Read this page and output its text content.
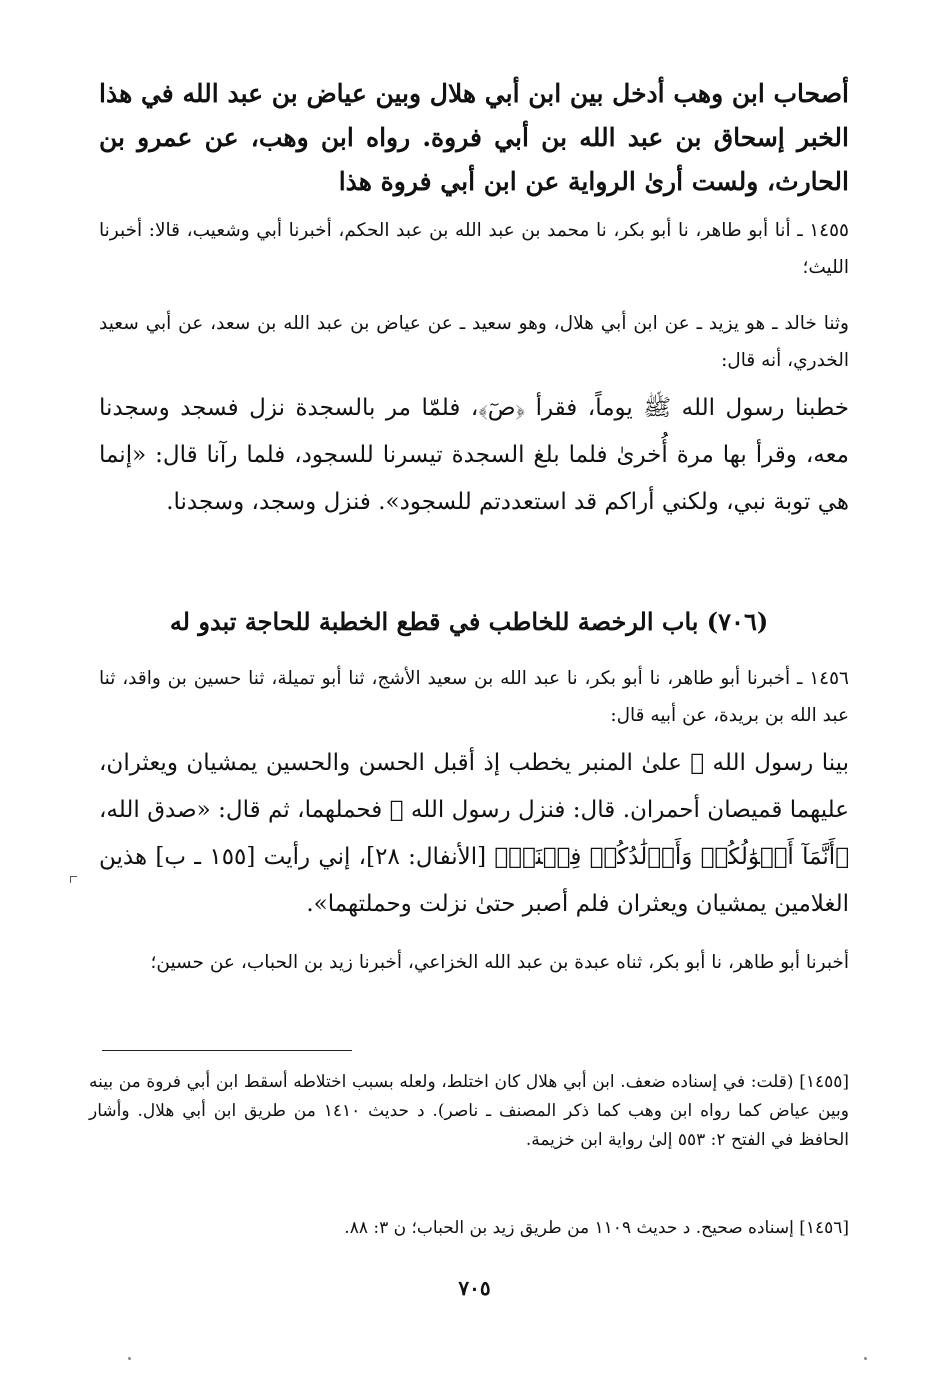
أصحاب ابن وهب أدخل بين ابن أبي هلال وبين عياض بن عبد الله في هذا الخبر إسحاق بن عبد الله بن أبي فروة. رواه ابن وهب، عن عمرو بن الحارث، ولست أرىٰ الرواية عن ابن أبي فروة هذا

١٤٥٥ ـ أنا أبو طاهر، نا أبو بكر، نا محمد بن عبد الله بن عبد الحكم، أخبرنا أبي وشعيب، قالا: أخبرنا الليث؛

وثنا خالد ـ هو يزيد ـ عن ابن أبي هلال، وهو سعيد ـ عن عياض بن عبد الله بن سعد، عن أبي سعيد الخدري، أنه قال:

خطبنا رسول الله ﷺ يوماً، فقرأ ﴿صٓ﴾، فلمّا مر بالسجدة نزل فسجد وسجدنا معه، وقرأ بها مرة أُخرىٰ فلما بلغ السجدة تيسرنا للسجود، فلما رآنا قال: «إنما هي توبة نبي، ولكني أراكم قد استعددتم للسجود». فنزل وسجد، وسجدنا.

(٧٠٦) باب الرخصة للخاطب في قطع الخطبة للحاجة تبدو له

١٤٥٦ ـ أخبرنا أبو طاهر، نا أبو بكر، نا عبد الله بن سعيد الأشج، ثنا أبو تميلة، ثنا حسين بن واقد، ثنا عبد الله بن بريدة، عن أبيه قال:

بينا رسول الله ﷺ علىٰ المنبر يخطب إذ أقبل الحسن والحسين يمشيان ويعثران، عليهما قميصان أحمران. قال: فنزل رسول الله ﷺ فحملهما، ثم قال: «صدق الله، ﴿أَنَّمَآ أَمۡوَٰلُكُمۡ وَأَوۡلَٰدُكُمۡ فِتۡنَةٞ﴾ [الأنفال: ٢٨]، إني رأيت [١٥٥ ـ ب] هذين الغلامين يمشيان ويعثران فلم أصبر حتىٰ نزلت وحملتهما».

أخبرنا أبو طاهر، نا أبو بكر، ثناه عبدة بن عبد الله الخزاعي، أخبرنا زيد بن الحباب، عن حسين؛

[١٤٥٥] (قلت: في إسناده ضعف. ابن أبي هلال كان اختلط، ولعله بسبب اختلاطه أسقط ابن أبي فروة من بينه وبين عياض كما رواه ابن وهب كما ذكر المصنف ـ ناصر). د حديث ١٤١٠ من طريق ابن أبي هلال. وأشار الحافظ في الفتح ٢: ٥٥٣ إلىٰ رواية ابن خزيمة.

[١٤٥٦] إسناده صحيح. د حديث ١١٠٩ من طريق زيد بن الحباب؛ ن ٣: ٨٨.

٧٠٥
